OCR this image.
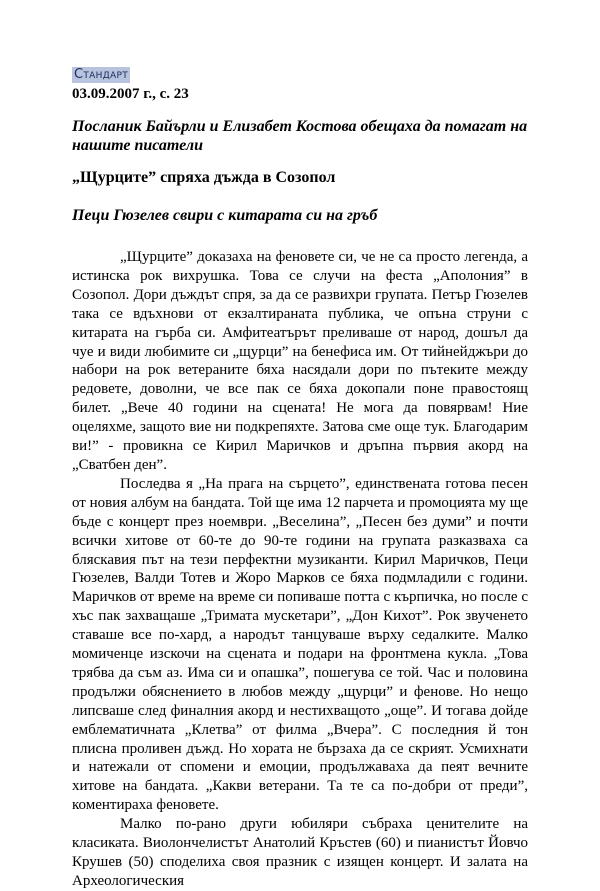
Стандарт
03.09.2007 г., с. 23
Посланик Байърли и Елизабет Костова обещаха да помагат на нашите писатели
„Щурците” спряха дъжда в Созопол
Пеци Гюзелев свири с китарата си на гръб

„Щурците” доказаха на феновете си, че не са просто легенда, а истинска рок вихрушка. Това се случи на феста „Аполония” в Созопол. Дори дъждът спря, за да се развихри групата. Петър Гюзелев така се вдъхнови от екзалтираната публика, че опъна струни с китарата на гърба си. Амфитеатърът преливаше от народ, дошъл да чуе и види любимите си „щурци” на бенефиса им. От тийнейджъри до набори на рок ветераните бяха насядали дори по пътеките между редовете, доволни, че все пак се бяха докопали поне правостоящ билет. „Вече 40 години на сцената! Не мога да повярвам! Ние оцеляхме, защото вие ни подкрепяхте. Затова сме още тук. Благодарим ви!” - провикна се Кирил Маричков и дръпна първия акорд на „Сватбен ден”.

Последва я „На прага на сърцето”, единствената готова песен от новия албум на бандата. Той ще има 12 парчета и промоцията му ще бъде с концерт през ноември. „Веселина”, „Песен без думи” и почти всички хитове от 60-те до 90-те години на групата разказваха са бляскавия път на тези перфектни музиканти. Кирил Маричков, Пеци Гюзелев, Валди Тотев и Жоро Марков се бяха подмладили с години. Маричков от време на време си попиваше потта с кърпичка, но после с хъс пак захващаше „Тримата мускетари”, „Дон Кихот”. Рок звученето ставаше все по-хард, а народът танцуваше върху седалките. Малко момиченце изскочи на сцената и подари на фронтмена кукла. „Това трябва да съм аз. Има си и опашка”, пошегува се той. Час и половина продължи обяснението в любов между „щурци” и фенове. Но нещо липсваше след финалния акорд и нестихващото „още”. И тогава дойде емблематичната „Клетва” от филма „Вчера”. С последния й тон плисна проливен дъжд. Но хората не бързаха да се скрият. Усмихнати и натежали от спомени и емоции, продължаваха да пеят вечните хитове на бандата. „Какви ветерани. Та те са по-добри от преди”, коментираха феновете.

Малко по-рано други юбиляри събраха ценителите на класиката. Виолончелистът Анатолий Кръстев (60) и пианистът Йовчо Крушев (50) споделиха своя празник с изящен концерт. И залата на Археологическия
